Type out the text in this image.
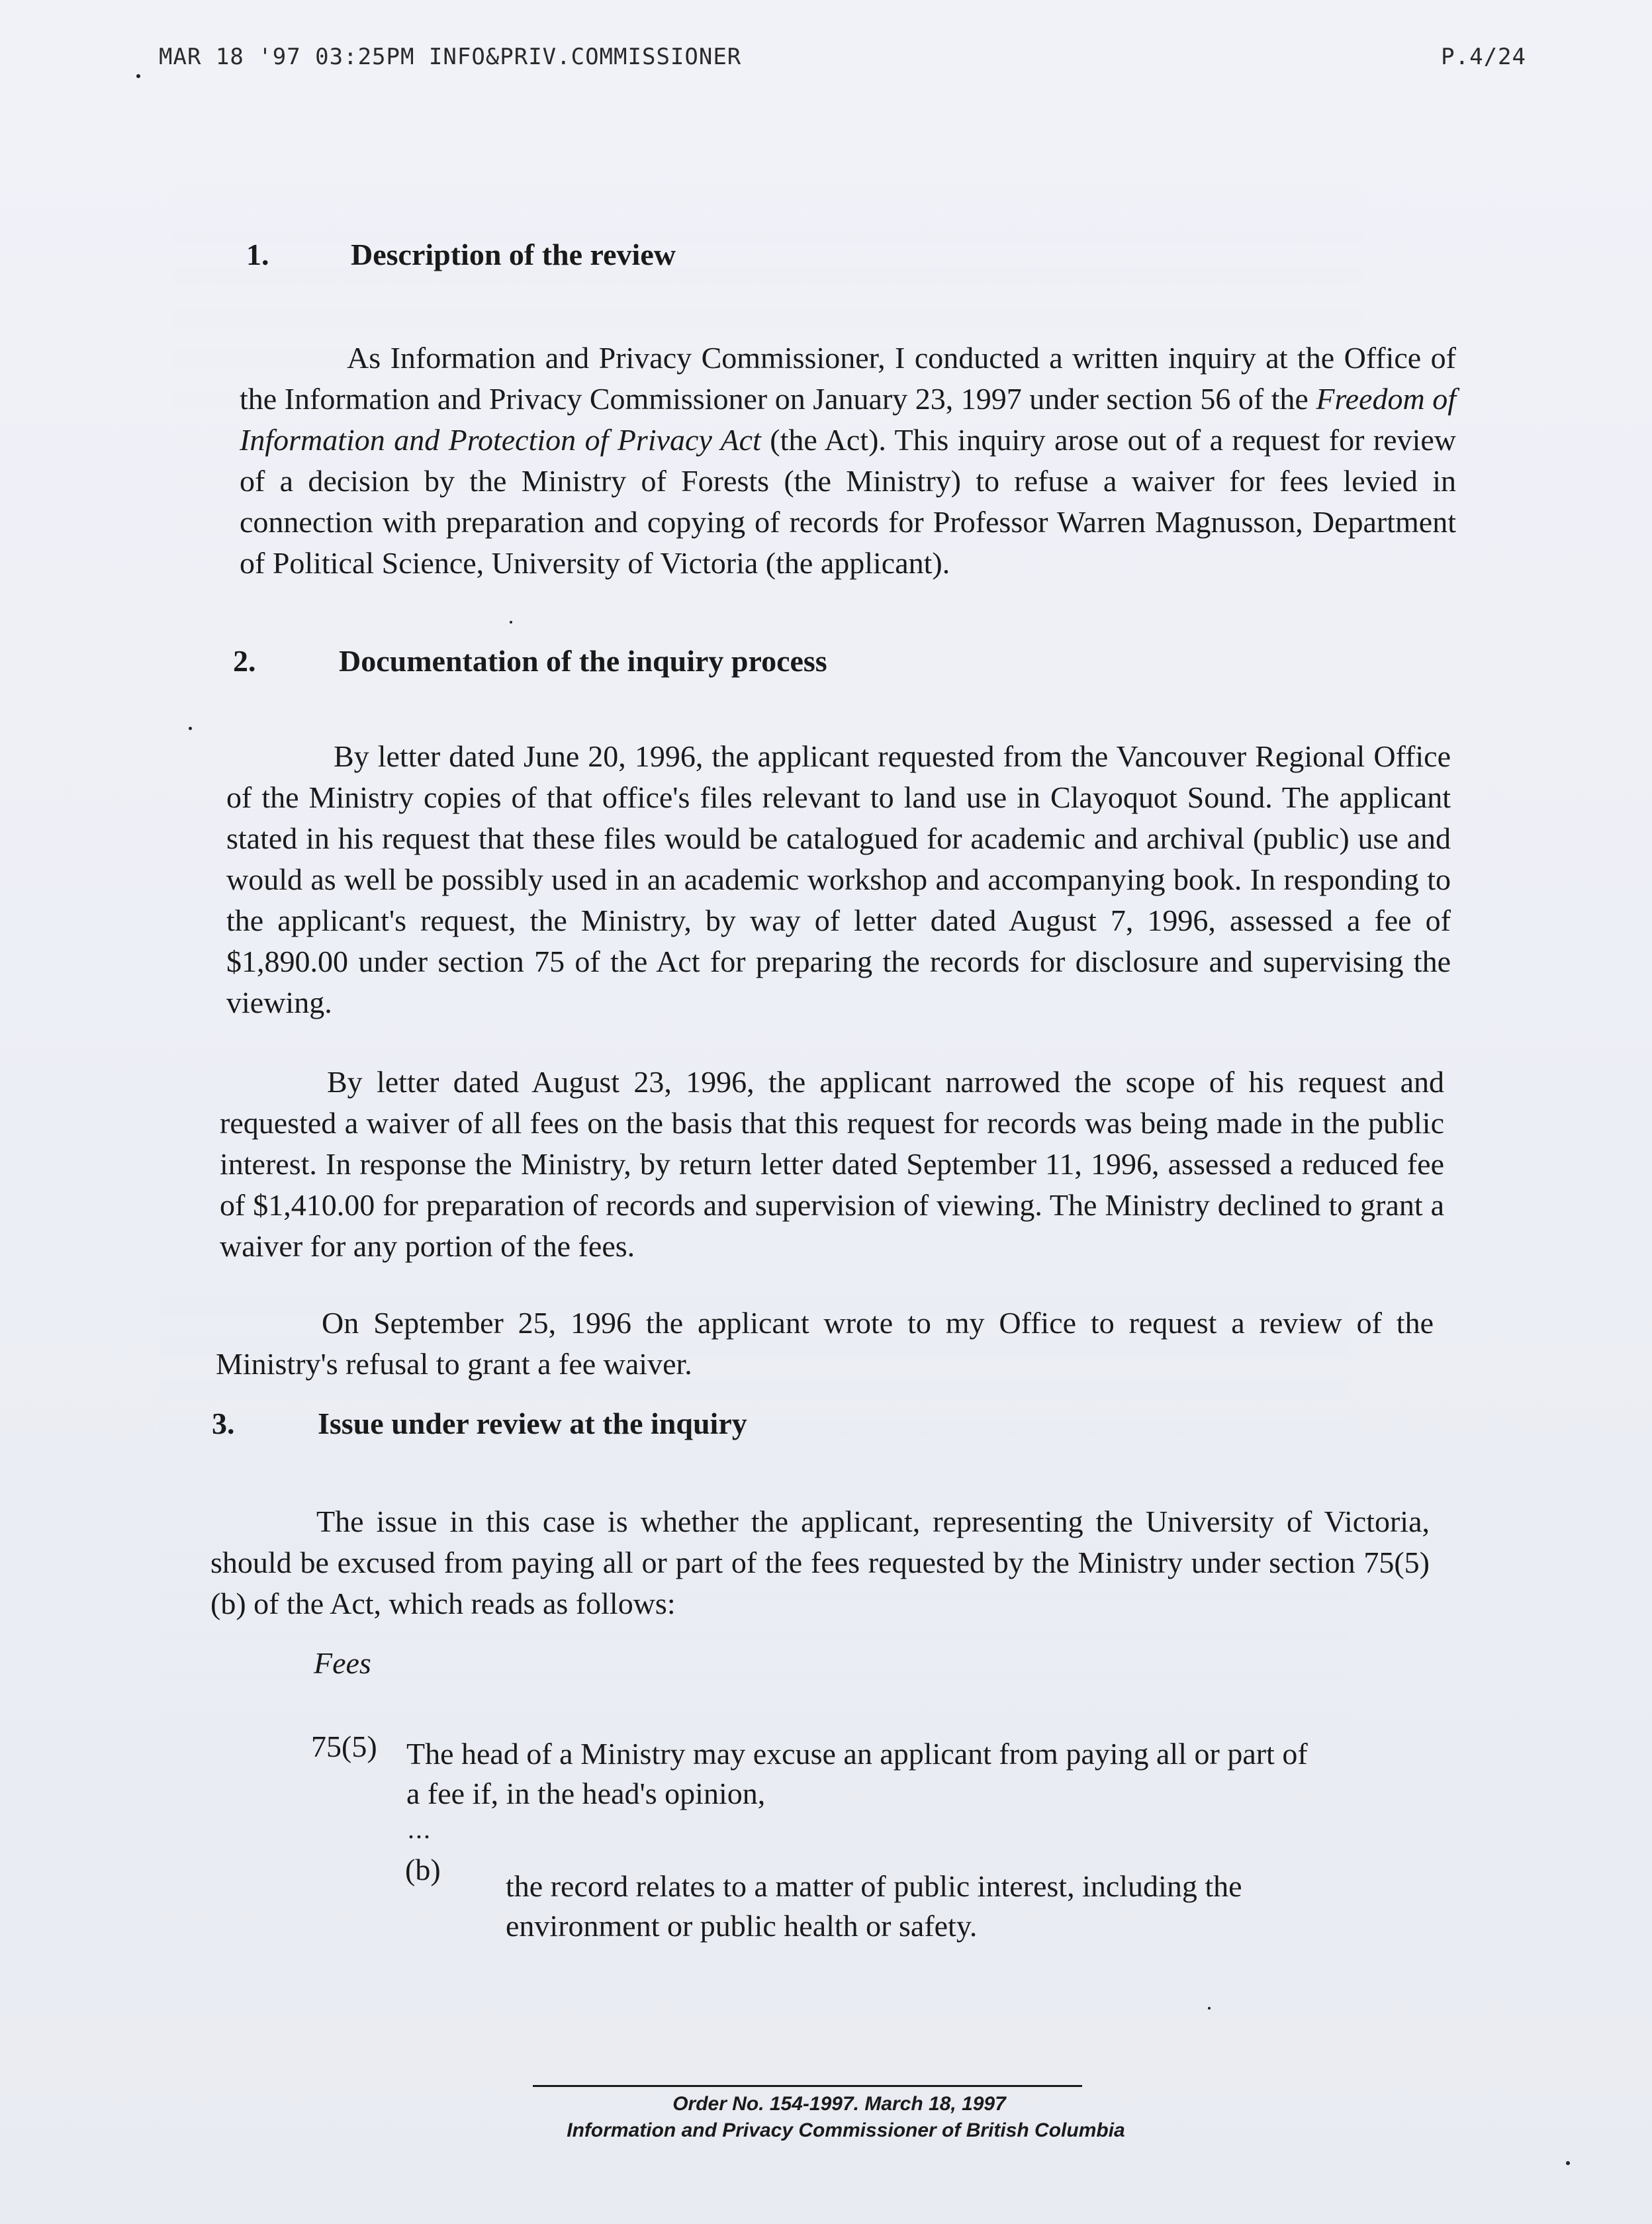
MAR 18 '97 03:25PM INFO&PRIV.COMMISSIONER	P.4/24
1.	Description of the review

As Information and Privacy Commissioner, I conducted a written inquiry at the Office of the Information and Privacy Commissioner on January 23, 1997 under section 56 of the Freedom of Information and Protection of Privacy Act (the Act). This inquiry arose out of a request for review of a decision by the Ministry of Forests (the Ministry) to refuse a waiver for fees levied in connection with preparation and copying of records for Professor Warren Magnusson, Department of Political Science, University of Victoria (the applicant).

2.	Documentation of the inquiry process

By letter dated June 20, 1996, the applicant requested from the Vancouver Regional Office of the Ministry copies of that office's files relevant to land use in Clayoquot Sound. The applicant stated in his request that these files would be catalogued for academic and archival (public) use and would as well be possibly used in an academic workshop and accompanying book. In responding to the applicant's request, the Ministry, by way of letter dated August 7, 1996, assessed a fee of $1,890.00 under section 75 of the Act for preparing the records for disclosure and supervising the viewing.

By letter dated August 23, 1996, the applicant narrowed the scope of his request and requested a waiver of all fees on the basis that this request for records was being made in the public interest. In response the Ministry, by return letter dated September 11, 1996, assessed a reduced fee of $1,410.00 for preparation of records and supervision of viewing. The Ministry declined to grant a waiver for any portion of the fees.

On September 25, 1996 the applicant wrote to my Office to request a review of the Ministry's refusal to grant a fee waiver.

3.	Issue under review at the inquiry

The issue in this case is whether the applicant, representing the University of Victoria, should be excused from paying all or part of the fees requested by the Ministry under section 75(5)(b) of the Act, which reads as follows:

Fees
75(5) The head of a Ministry may excuse an applicant from paying all or part of a fee if, in the head's opinion,
...
(b) the record relates to a matter of public interest, including the environment or public health or safety.
Order No. 154-1997. March 18, 1997
Information and Privacy Commissioner of British Columbia
